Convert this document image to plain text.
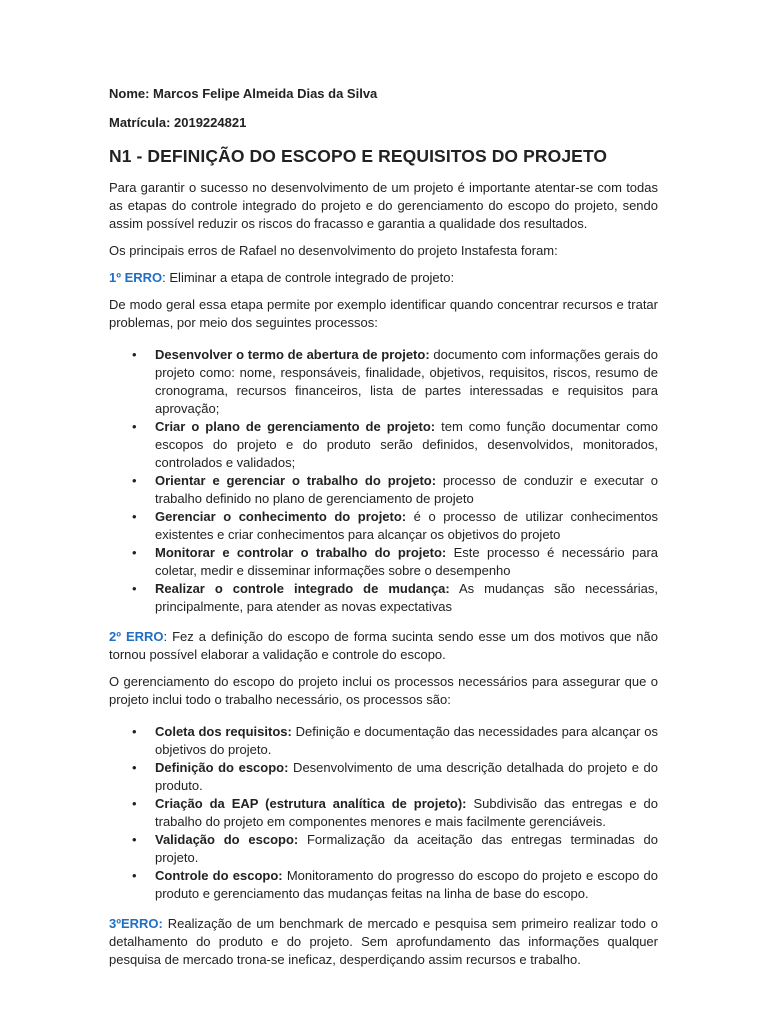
Nome: Marcos Felipe Almeida Dias da Silva

Matrícula: 2019224821

N1 - DEFINIÇÃO DO ESCOPO E REQUISITOS DO PROJETO

Para garantir o sucesso no desenvolvimento de um projeto é importante atentar-se com todas as etapas do controle integrado do projeto e do gerenciamento do escopo do projeto, sendo assim possível reduzir os riscos do fracasso e garantia a qualidade dos resultados.

Os principais erros de Rafael no desenvolvimento do projeto Instafesta foram:

1º ERRO: Eliminar a etapa de controle integrado de projeto:

De modo geral essa etapa permite por exemplo identificar quando concentrar recursos e tratar problemas, por meio dos seguintes processos:

• Desenvolver o termo de abertura de projeto: documento com informações gerais do projeto como: nome, responsáveis, finalidade, objetivos, requisitos, riscos, resumo de cronograma, recursos financeiros, lista de partes interessadas e requisitos para aprovação;
• Criar o plano de gerenciamento de projeto: tem como função documentar como escopos do projeto e do produto serão definidos, desenvolvidos, monitorados, controlados e validados;
• Orientar e gerenciar o trabalho do projeto: processo de conduzir e executar o trabalho definido no plano de gerenciamento de projeto
• Gerenciar o conhecimento do projeto: é o processo de utilizar conhecimentos existentes e criar conhecimentos para alcançar os objetivos do projeto
• Monitorar e controlar o trabalho do projeto: Este processo é necessário para coletar, medir e disseminar informações sobre o desempenho
• Realizar o controle integrado de mudança: As mudanças são necessárias, principalmente, para atender as novas expectativas

2º ERRO: Fez a definição do escopo de forma sucinta sendo esse um dos motivos que não tornou possível elaborar a validação e controle do escopo.

O gerenciamento do escopo do projeto inclui os processos necessários para assegurar que o projeto inclui todo o trabalho necessário, os processos são:

• Coleta dos requisitos: Definição e documentação das necessidades para alcançar os objetivos do projeto.
• Definição do escopo: Desenvolvimento de uma descrição detalhada do projeto e do produto.
• Criação da EAP (estrutura analítica de projeto): Subdivisão das entregas e do trabalho do projeto em componentes menores e mais facilmente gerenciáveis.
• Validação do escopo: Formalização da aceitação das entregas terminadas do projeto.
• Controle do escopo: Monitoramento do progresso do escopo do projeto e escopo do produto e gerenciamento das mudanças feitas na linha de base do escopo.

3ºERRO: Realização de um benchmark de mercado e pesquisa sem primeiro realizar todo o detalhamento do produto e do projeto. Sem aprofundamento das informações qualquer pesquisa de mercado trona-se ineficaz, desperdiçando assim recursos e trabalho.
